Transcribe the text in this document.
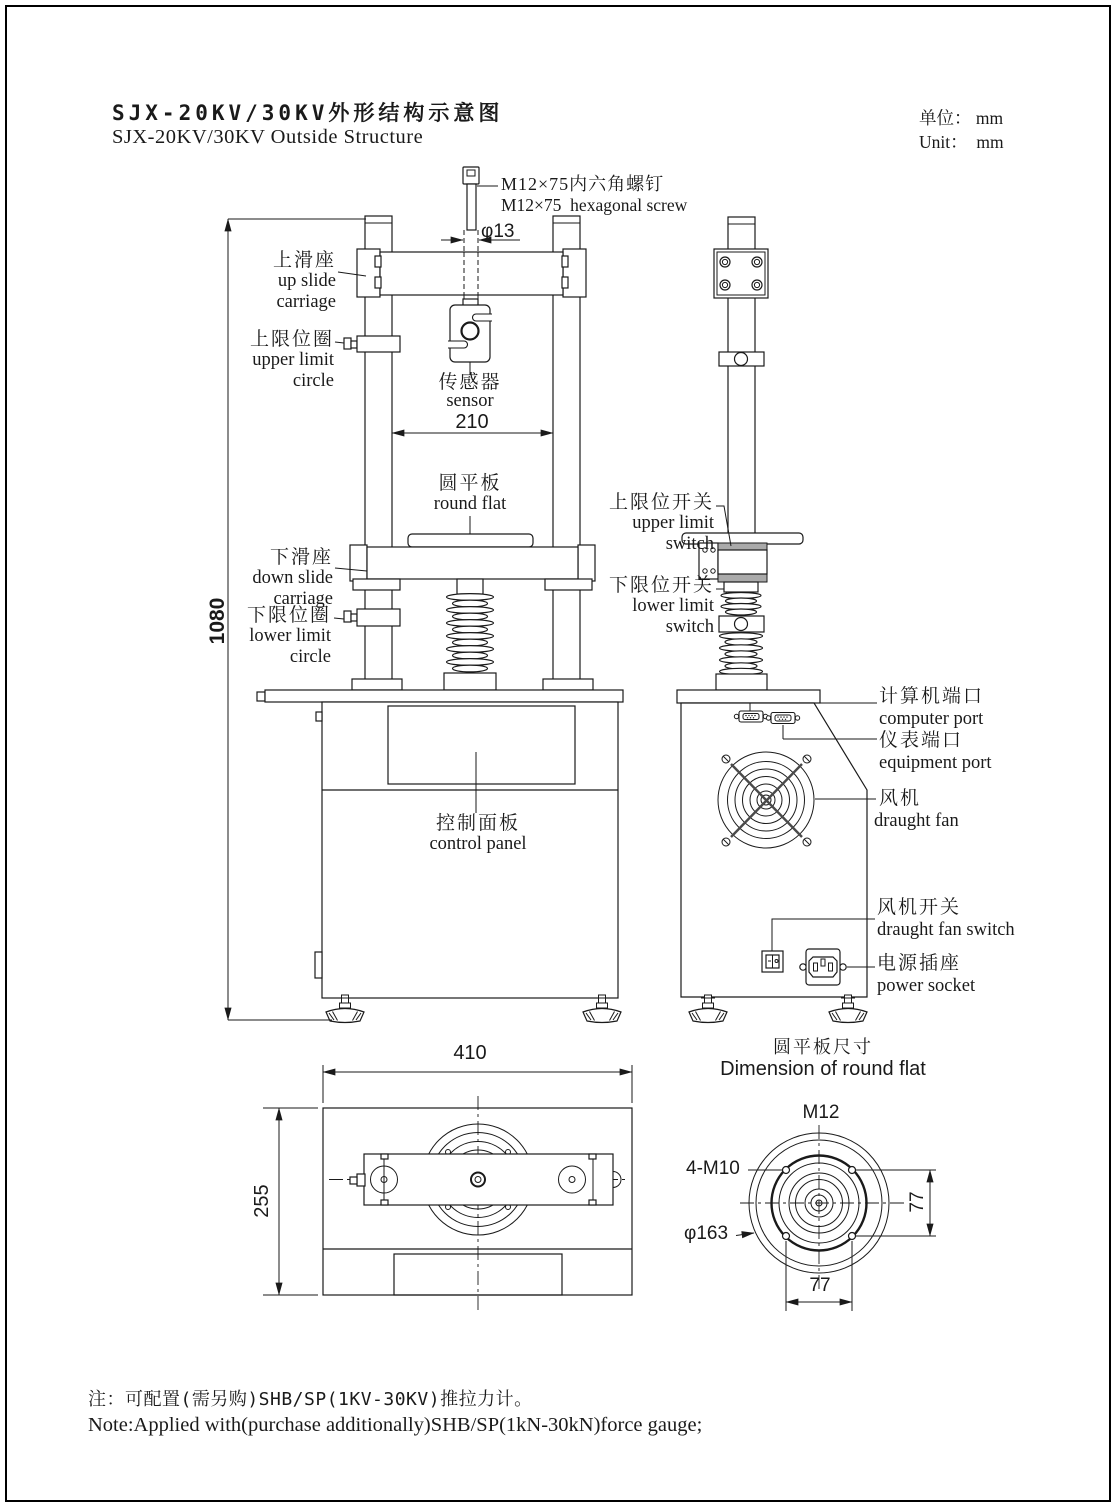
SJX-20KV/30KV外形结构示意图
SJX-20KV/30KV Outside Structure
单位： mm
Unit：  mm
M12×75内六角螺钉
M12×75  hexagonal screw
φ13
上滑座
up slide
carriage
上限位圈
upper limit
circle	传感器
sensor
210
圆平板
round flat	上限位开关
upper limit
switch
下限位开关
lower limit
switch
下滑座
down slide
carriage
下限位圈
lower limit
circle
1080
控制面板
control panel
计算机端口
computer port
仪表端口
equipment port
风机
draught fan
风机开关
draught fan switch
电源插座
power socket
410
255
圆平板尺寸
Dimension of round flat
M12
4-M10
φ163
77
77
注：可配置(需另购)SHB/SP(1KV-30KV)推拉力计。
Note:Applied with(purchase additionally)SHB/SP(1kN-30kN)force gauge;
